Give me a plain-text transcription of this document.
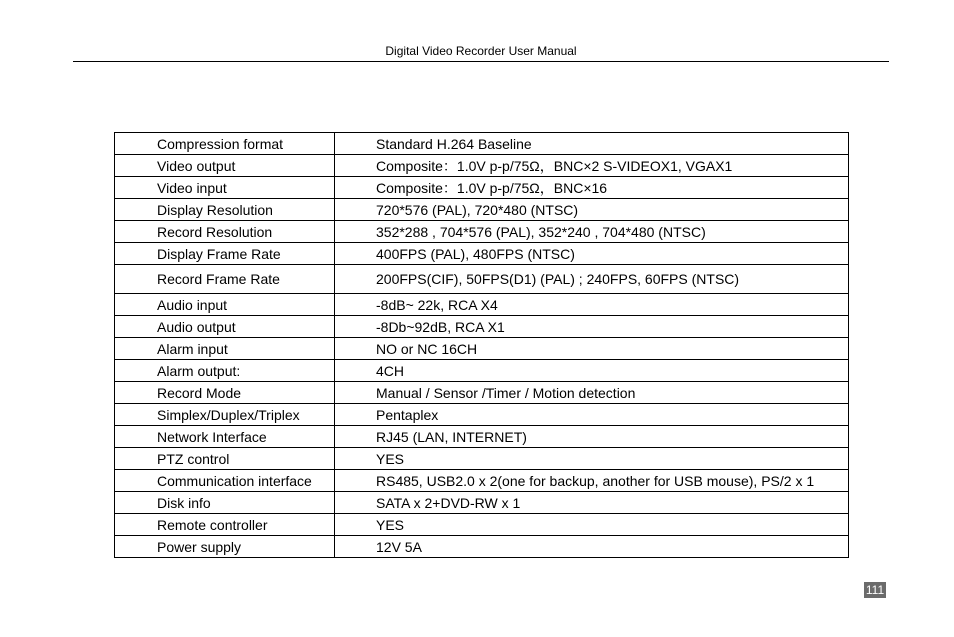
Digital Video Recorder User Manual
Compression format	Standard H.264 Baseline
Video output	Composite：1.0V p-p/75Ω，BNC×2 S-VIDEOX1, VGAX1
Video input	Composite：1.0V p-p/75Ω，BNC×16
Display Resolution	720*576 (PAL), 720*480 (NTSC)
Record Resolution	352*288 , 704*576 (PAL), 352*240 , 704*480 (NTSC)
Display Frame Rate	400FPS (PAL), 480FPS (NTSC)
Record Frame Rate	200FPS(CIF), 50FPS(D1) (PAL) ; 240FPS, 60FPS (NTSC)
Audio input	-8dB~ 22k, RCA X4
Audio output	-8Db~92dB, RCA X1
Alarm input	NO or NC 16CH
Alarm output:	4CH
Record Mode	Manual / Sensor /Timer / Motion detection
Simplex/Duplex/Triplex	Pentaplex
Network Interface	RJ45 (LAN, INTERNET)
PTZ control	YES
Communication interface	RS485, USB2.0 x 2(one for backup, another for USB mouse), PS/2 x 1
Disk info	SATA x 2+DVD-RW x 1
Remote controller	YES
Power supply	12V 5A
111
